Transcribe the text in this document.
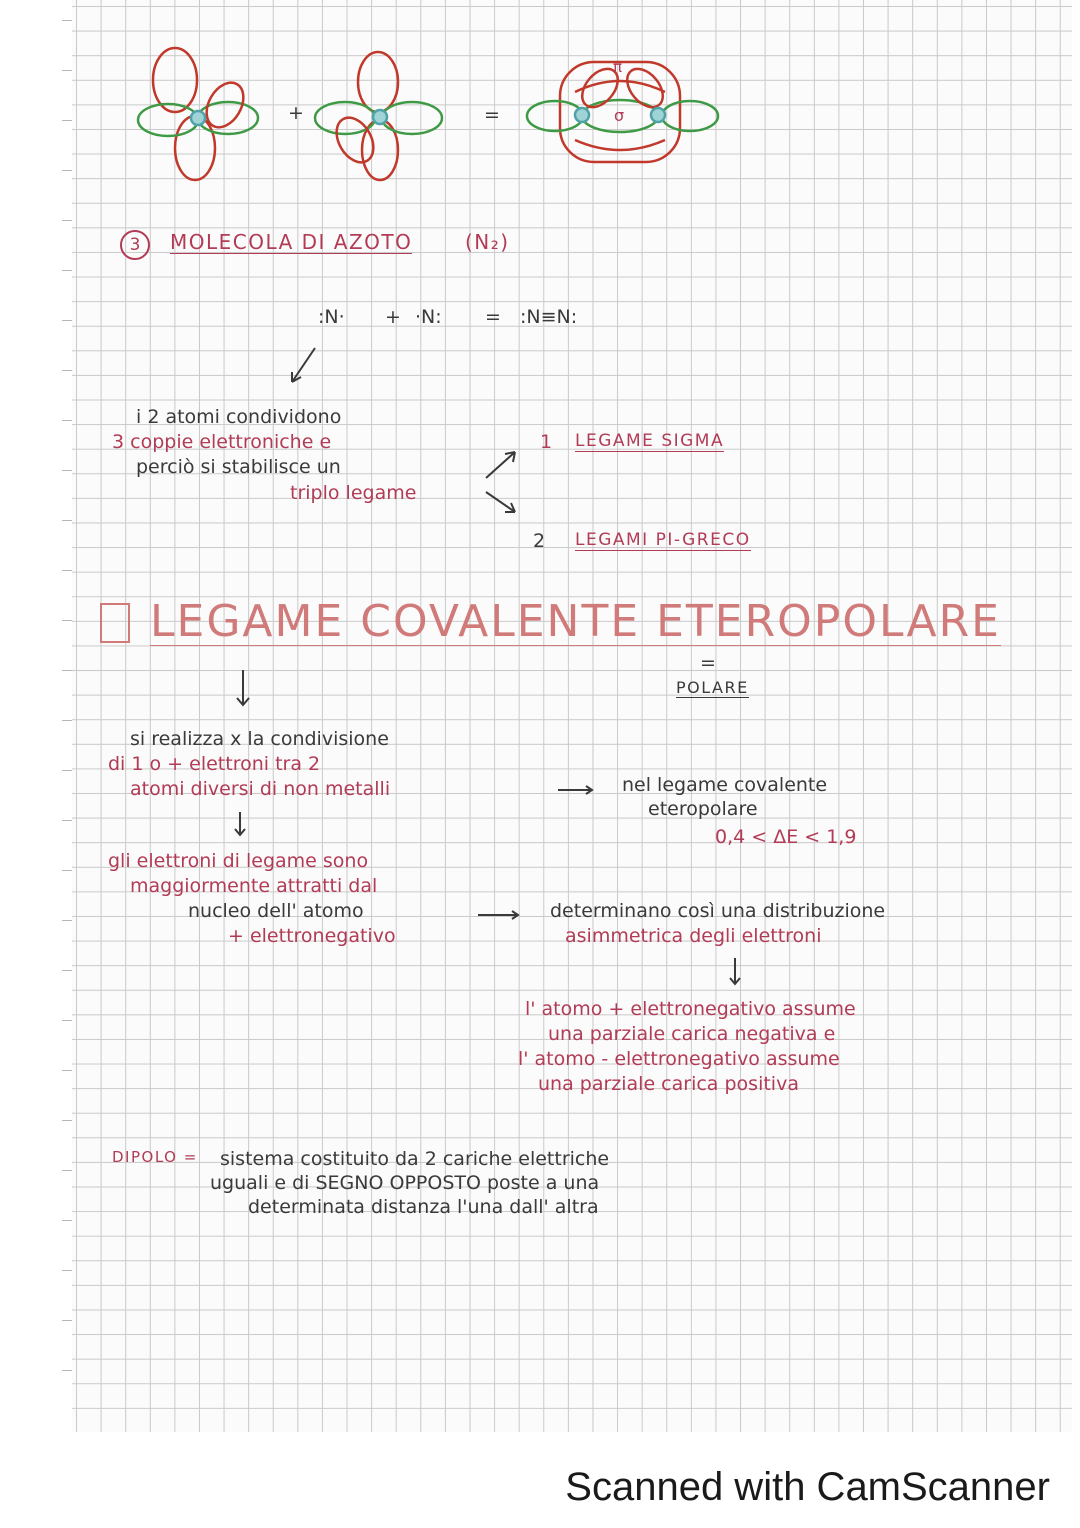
+	=
π
σ
3	MOLECOLA DI AZOTO	(N₂)
:N· + ·N: = :N≡N:
i 2 atomi condividono
3 coppie elettroniche e
perciò si stabilisce un
triplo legame
1 LEGAME SIGMA
2 LEGAMI PI-GRECO
LEGAME COVALENTE ETEROPOLARE
=
POLARE
si realizza x la condivisione
di 1 o + elettroni tra 2
atomi diversi di non metalli	nel legame covalente
eteropolare
0,4 < ΔE < 1,9
gli elettroni di legame sono
maggiormente attratti dal
nucleo dell' atomo
+ elettronegativo
determinano così una distribuzione
asimmetrica degli elettroni
l' atomo + elettronegativo assume
una parziale carica negativa e
l' atomo - elettronegativo assume
una parziale carica positiva
DIPOLO = sistema costituito da 2 cariche elettriche
uguali e di SEGNO OPPOSTO poste a una
determinata distanza l'una dall' altra
Scanned with CamScanner
